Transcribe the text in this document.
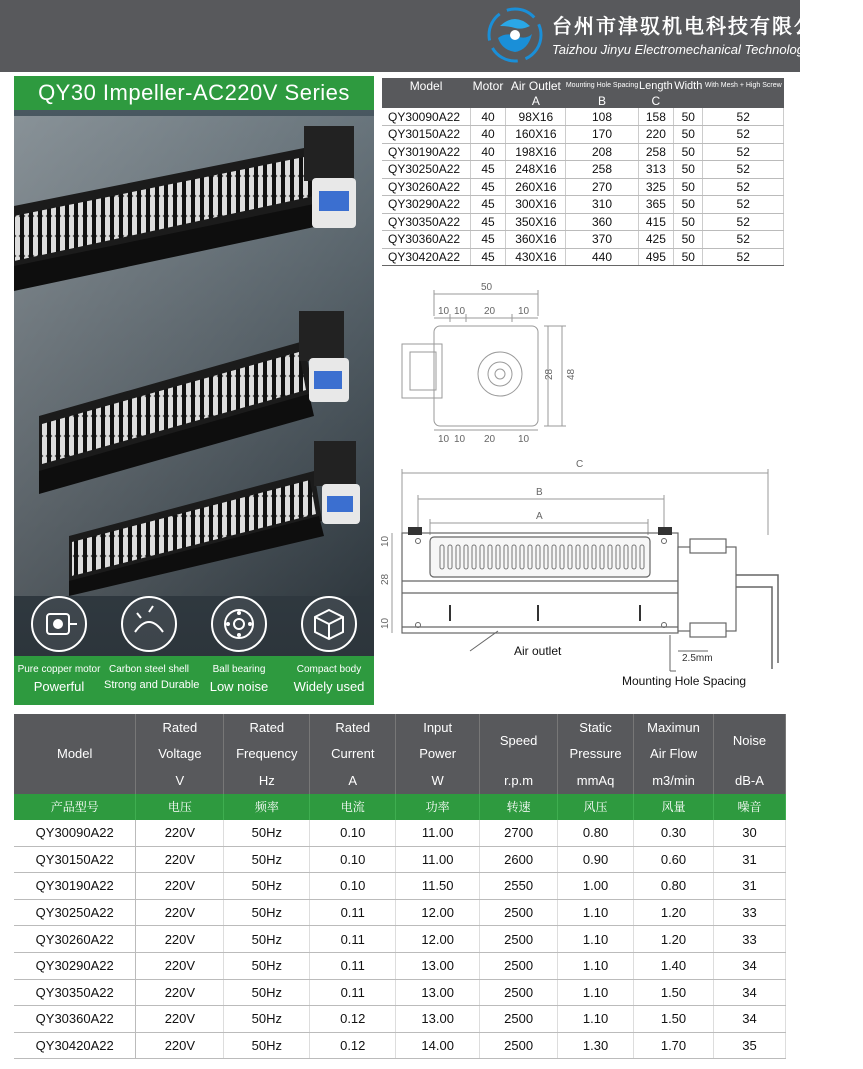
台州市津驭机电科技有限公司
Taizhou Jinyu Electromechanical Technology Co., Ltd.
QY30 Impeller-AC220V Series
Pure copper motor
Powerful
Carbon steel shell
Strong and Durable
Ball bearing
Low noise
Compact body
Widely used
Model	Motor	Air Outlet	Mounting Hole Spacing	Length	Width	With Mesh + High Screw
		A	B	C		
QY30090A22	40	98X16	108	158	50	52
QY30150A22	40	160X16	170	220	50	52
QY30190A22	40	198X16	208	258	50	52
QY30250A22	45	248X16	258	313	50	52
QY30260A22	45	260X16	270	325	50	52
QY30290A22	45	300X16	310	365	50	52
QY30350A22	45	350X16	360	415	50	52
QY30360A22	45	360X16	370	425	50	52
QY30420A22	45	430X16	440	495	50	52
50
10 10 20 10
28 48
10 10 20 10
C
B
A
10
28
10
Air outlet
2.5mm
Mounting Hole Spacing
Model	Rated	Rated	Rated	Input	Speed	Static	Maximun	Noise
	Voltage	Frequency	Current	Power		Pressure	Air Flow	
	V	Hz	A	W	r.p.m	mmAq	m3/min	dB-A
产品型号	电压	频率	电流	功率	转速	风压	风量	噪音
QY30090A22	220V	50Hz	0.10	11.00	2700	0.80	0.30	30
QY30150A22	220V	50Hz	0.10	11.00	2600	0.90	0.60	31
QY30190A22	220V	50Hz	0.10	11.50	2550	1.00	0.80	31
QY30250A22	220V	50Hz	0.11	12.00	2500	1.10	1.20	33
QY30260A22	220V	50Hz	0.11	12.00	2500	1.10	1.20	33
QY30290A22	220V	50Hz	0.11	13.00	2500	1.10	1.40	34
QY30350A22	220V	50Hz	0.11	13.00	2500	1.10	1.50	34
QY30360A22	220V	50Hz	0.12	13.00	2500	1.10	1.50	34
QY30420A22	220V	50Hz	0.12	14.00	2500	1.30	1.70	35
